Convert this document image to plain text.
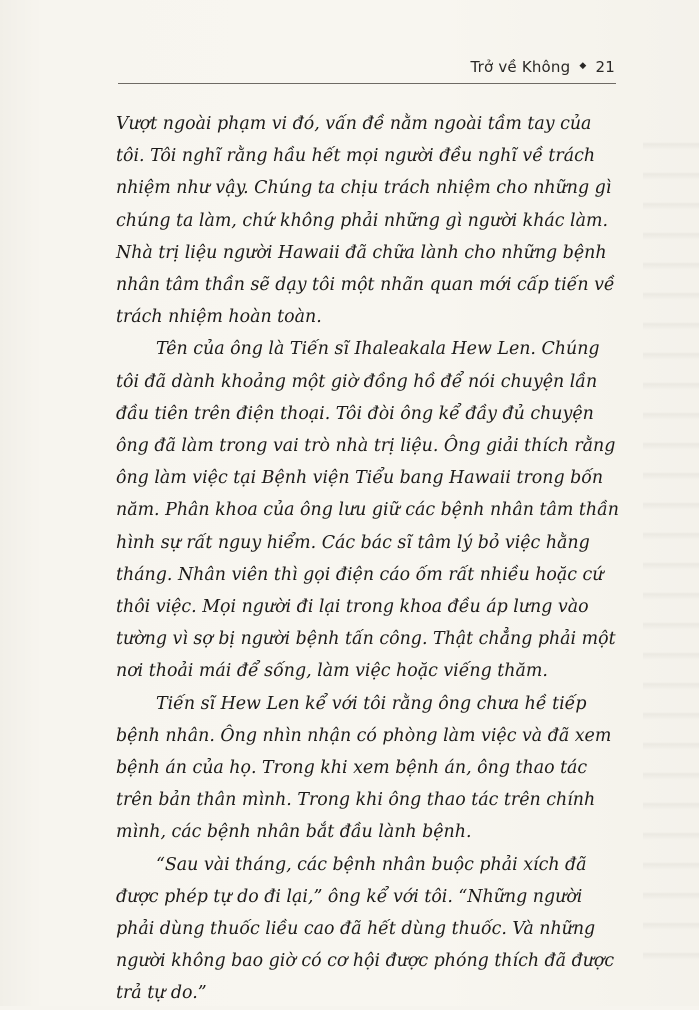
Trở về Không ◆ 21

Vượt ngoài phạm vi đó, vấn đề nằm ngoài tầm tay của
tôi. Tôi nghĩ rằng hầu hết mọi người đều nghĩ về trách
nhiệm như vậy. Chúng ta chịu trách nhiệm cho những gì
chúng ta làm, chứ không phải những gì người khác làm.
Nhà trị liệu người Hawaii đã chữa lành cho những bệnh
nhân tâm thần sẽ dạy tôi một nhãn quan mới cấp tiến về
trách nhiệm hoàn toàn.

Tên của ông là Tiến sĩ Ihaleakala Hew Len. Chúng
tôi đã dành khoảng một giờ đồng hồ để nói chuyện lần
đầu tiên trên điện thoại. Tôi đòi ông kể đầy đủ chuyện
ông đã làm trong vai trò nhà trị liệu. Ông giải thích rằng
ông làm việc tại Bệnh viện Tiểu bang Hawaii trong bốn
năm. Phân khoa của ông lưu giữ các bệnh nhân tâm thần
hình sự rất nguy hiểm. Các bác sĩ tâm lý bỏ việc hằng
tháng. Nhân viên thì gọi điện cáo ốm rất nhiều hoặc cứ
thôi việc. Mọi người đi lại trong khoa đều áp lưng vào
tường vì sợ bị người bệnh tấn công. Thật chẳng phải một
nơi thoải mái để sống, làm việc hoặc viếng thăm.

Tiến sĩ Hew Len kể với tôi rằng ông chưa hề tiếp
bệnh nhân. Ông nhìn nhận có phòng làm việc và đã xem
bệnh án của họ. Trong khi xem bệnh án, ông thao tác
trên bản thân mình. Trong khi ông thao tác trên chính
mình, các bệnh nhân bắt đầu lành bệnh.

“Sau vài tháng, các bệnh nhân buộc phải xích đã
được phép tự do đi lại,” ông kể với tôi. “Những người
phải dùng thuốc liều cao đã hết dùng thuốc. Và những
người không bao giờ có cơ hội được phóng thích đã được
trả tự do.”
